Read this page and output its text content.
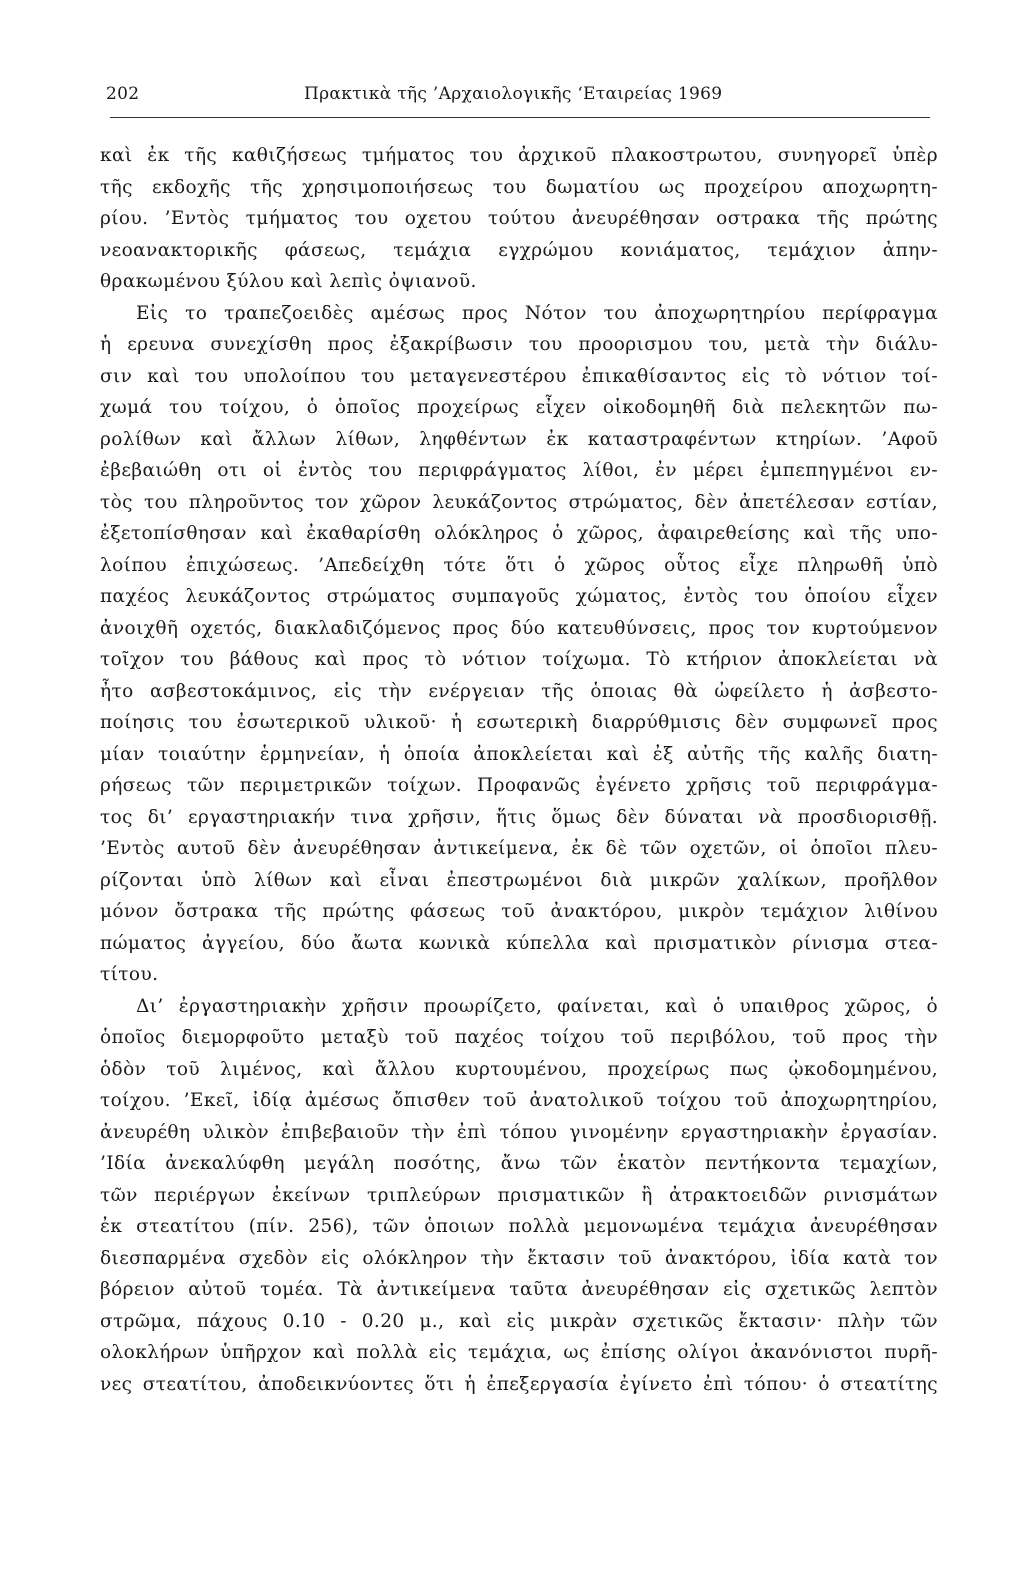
202	Πρακτικὰ τῆς ’Αρχαιολογικῆς ‘Εταιρείας 1969
καὶ ἐκ τῆς καθιζήσεως τμήματος του ἀρχικοῦ πλακοστρωτου, συνηγορεῖ ὑπὲρ
τῆς εκδοχῆς τῆς χρησιμοποιήσεως του δωματίου ως προχείρου αποχωρητη-
ρίου. ’Εντὸς τμήματος του οχετου τούτου ἀνευρέθησαν οστρακα τῆς πρώτης
νεοανακτορικῆς φάσεως, τεμάχια εγχρώμου κονιάματος, τεμάχιον ἀπην-
θρακωμένου ξύλου καὶ λεπὶς ὀψιανοῦ.
Εἰς το τραπεζοειδὲς αμέσως προς Νότον του ἀποχωρητηρίου περίφραγμα
ἡ ερευνα συνεχίσθη προς ἐξακρίβωσιν του προορισμου του, μετὰ τὴν διάλυ-
σιν καὶ του υπολοίπου του μεταγενεστέρου ἐπικαθίσαντος εἰς τὸ νότιον τοί-
χωμά του τοίχου, ὁ ὁποῖος προχείρως εἶχεν οἰκοδομηθῆ διὰ πελεκητῶν πω-
ρολίθων καὶ ἄλλων λίθων, ληφθέντων ἐκ καταστραφέντων κτηρίων. ’Αφοῦ
ἐβεβαιώθη οτι οἱ ἐντὸς του περιφράγματος λίθοι, ἐν μέρει ἐμπεπηγμένοι εν-
τὸς του πληροῦντος τον χῶρον λευκάζοντος στρώματος, δὲν ἀπετέλεσαν εστίαν,
ἐξετοπίσθησαν καὶ ἐκαθαρίσθη ολόκληρος ὁ χῶρος, ἀφαιρεθείσης καὶ τῆς υπο-
λοίπου ἐπιχώσεως. ’Απεδείχθη τότε ὅτι ὁ χῶρος οὗτος εἶχε πληρωθῆ ὑπὸ
παχέος λευκάζοντος στρώματος συμπαγοῦς χώματος, ἐντὸς του ὁποίου εἶχεν
ἀνοιχθῆ οχετός, διακλαδιζόμενος προς δύο κατευθύνσεις, προς τον κυρτούμενον
τοῖχον του βάθους καὶ προς τὸ νότιον τοίχωμα. Τὸ κτήριον ἀποκλείεται νὰ
ἦτο ασβεστοκάμινος, εἰς τὴν ενέργειαν τῆς ὁποιας θὰ ὠφείλετο ἡ ἀσβεστο-
ποίησις του ἐσωτερικοῦ υλικοῦ· ἡ εσωτερικὴ διαρρύθμισις δὲν συμφωνεῖ προς
μίαν τοιαύτην ἑρμηνείαν, ἡ ὁποία ἀποκλείεται καὶ ἐξ αὐτῆς τῆς καλῆς διατη-
ρήσεως τῶν περιμετρικῶν τοίχων. Προφανῶς ἐγένετο χρῆσις τοῦ περιφράγμα-
τος δι’ εργαστηριακήν τινα χρῆσιν, ἥτις ὅμως δὲν δύναται νὰ προσδιορισθῇ.
’Εντὸς αυτοῦ δὲν ἀνευρέθησαν ἀντικείμενα, ἐκ δὲ τῶν οχετῶν, οἱ ὁποῖοι πλευ-
ρίζονται ὑπὸ λίθων καὶ εἶναι ἐπεστρωμένοι διὰ μικρῶν χαλίκων, προῆλθον
μόνον ὄστρακα τῆς πρώτης φάσεως τοῦ ἀνακτόρου, μικρὸν τεμάχιον λιθίνου
πώματος ἀγγείου, δύο ἄωτα κωνικὰ κύπελλα καὶ πρισματικὸν ρίνισμα στεα-
τίτου.
Δι’ ἐργαστηριακὴν χρῆσιν προωρίζετο, φαίνεται, καὶ ὁ υπαιθρος χῶρος, ὁ
ὁποῖος διεμορφοῦτο μεταξὺ τοῦ παχέος τοίχου τοῦ περιβόλου, τοῦ προς τὴν
ὁδὸν τοῦ λιμένος, καὶ ἄλλου κυρτουμένου, προχείρως πως ᾠκοδομημένου,
τοίχου. ’Εκεῖ, ἰδίᾳ ἀμέσως ὄπισθεν τοῦ ἀνατολικοῦ τοίχου τοῦ ἀποχωρητηρίου,
ἀνευρέθη υλικὸν ἐπιβεβαιοῦν τὴν ἐπὶ τόπου γινομένην εργαστηριακὴν ἐργασίαν.
’Ιδία ἀνεκαλύφθη μεγάλη ποσότης, ἄνω τῶν ἑκατὸν πεντήκοντα τεμαχίων,
τῶν περιέργων ἐκείνων τριπλεύρων πρισματικῶν ἢ ἀτρακτοειδῶν ρινισμάτων
ἐκ στεατίτου (πίν. 256), τῶν ὁποιων πολλὰ μεμονωμένα τεμάχια ἀνευρέθησαν
διεσπαρμένα σχεδὸν εἰς ολόκληρον τὴν ἔκτασιν τοῦ ἀνακτόρου, ἰδία κατὰ τον
βόρειον αὐτοῦ τομέα. Τὰ ἀντικείμενα ταῦτα ἀνευρέθησαν εἰς σχετικῶς λεπτὸν
στρῶμα, πάχους 0.10 - 0.20 μ., καὶ εἰς μικρὰν σχετικῶς ἔκτασιν· πλὴν τῶν
ολοκλήρων ὑπῆρχον καὶ πολλὰ εἰς τεμάχια, ως ἐπίσης ολίγοι ἀκανόνιστοι πυρῆ-
νες στεατίτου, ἀποδεικνύοντες ὅτι ἡ ἐπεξεργασία ἐγίνετο ἐπὶ τόπου· ὁ στεατίτης
